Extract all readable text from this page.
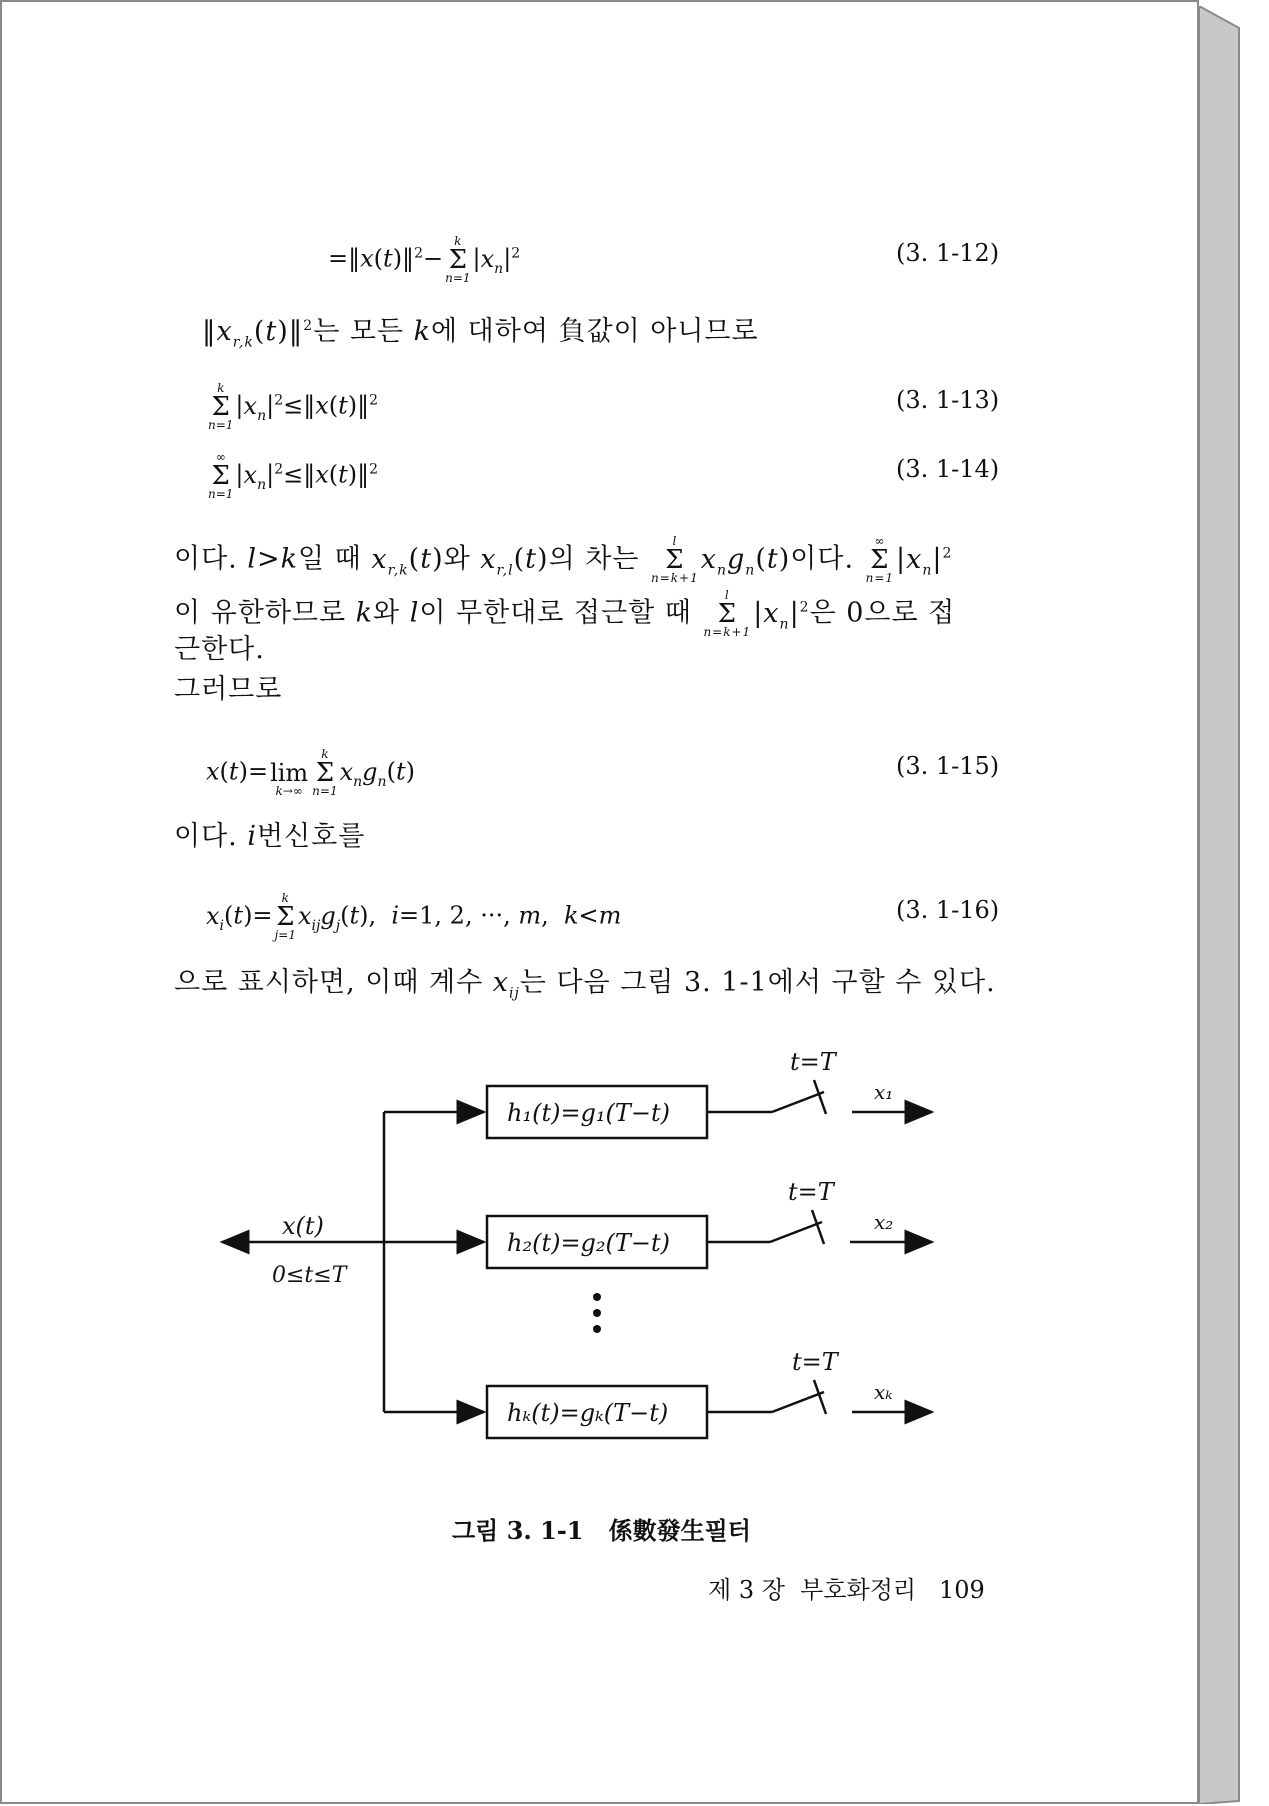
=‖x(t)‖$^2$−
k
Σ
n=1
$|x_n|^2$	(3. 1-12)
$‖x_{r,k}(t)‖^2$는 모든 k에 대하여 負값이 아니므로
k
Σ
n=1
$|x_n|^2\le‖x(t)‖^2$	(3. 1-13)
∞
Σ
n=1
$|x_n|^2\le‖x(t)‖^2$	(3. 1-14)
이다. l>k일 때 $x_{r,k}(t)$와 $x_{r,l}(t)$의 차는
l
Σ
n=k+1
$x_ng_n(t)$이다.
∞
Σ
n=1
$|x_n|^2$
이 유한하므로 k와 l이 무한대로 접근할 때
l
Σ
n=k+1
$|x_n|^2$은 0으로 접
근한다.
그러므로
x(t)=
lim
k→∞
k
Σ
n=1
$x_ng_n(t)$	(3. 1-15)
이다. i번신호를
$x_i(t)=$
k
Σ
j=1
$x_{ij}g_j(t)$,  i=1, 2, ···, m,  k<m	(3. 1-16)
으로 표시하면, 이때 계수 $x_{ij}$는 다음 그림 3. 1-1에서 구할 수 있다.
x(t)
0≤t≤T
h₁(t)=g₁(T−t)
h₂(t)=g₂(T−t)
hₖ(t)=gₖ(T−t)
t=T
t=T
t=T
x₁
x₂
xₖ
그림 3. 1-1 係數發生필터
제 3 장 부호화정리 109
